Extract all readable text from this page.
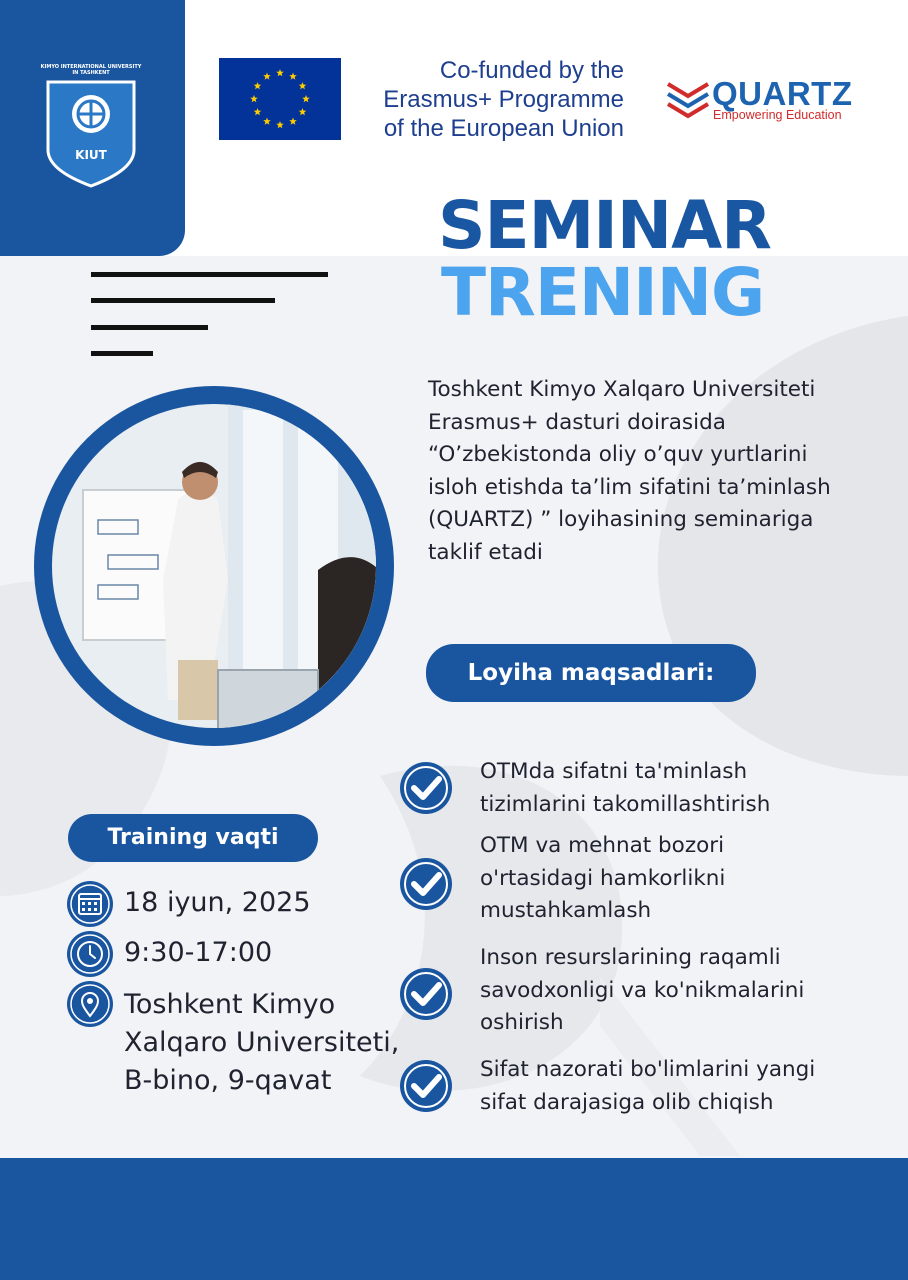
KIMYO INTERNATIONAL UNIVERSITY IN TASHKENT
KIUT
Co-funded by the
Erasmus+ Programme
of the European Union
QUARTZ
Empowering Education
SEMINAR
TRENING
Toshkent Kimyo Xalqaro Universiteti
Erasmus+ dasturi doirasida
“O’zbekistonda oliy o’quv yurtlarini
isloh etishda ta’lim sifatini ta’minlash
(QUARTZ) ” loyihasining seminariga
taklif etadi
Loyiha maqsadlari:
OTMda sifatni ta'minlash
tizimlarini takomillashtirish
OTM va mehnat bozori
o'rtasidagi hamkorlikni
mustahkamlash
Inson resurslarining raqamli
savodxonligi va ko'nikmalarini
oshirish
Sifat nazorati bo'limlarini yangi
sifat darajasiga olib chiqish
Training vaqti
18 iyun, 2025
9:30-17:00
Toshkent Kimyo
Xalqaro Universiteti,
B-bino, 9-qavat
